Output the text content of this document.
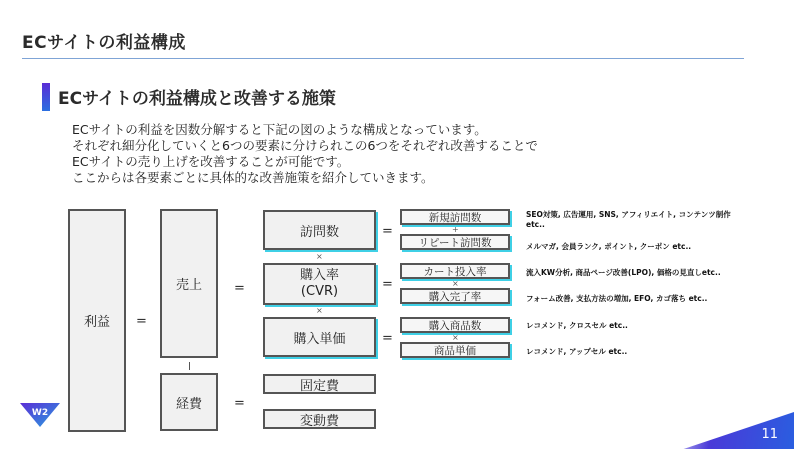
ECサイトの利益構成
ECサイトの利益構成と改善する施策
ECサイトの利益を因数分解すると下記の図のような構成となっています。
それぞれ細分化していくと6つの要素に分けられこの6つをそれぞれ改善することで
ECサイトの売り上げを改善することが可能です。
ここからは各要素ごとに具体的な改善施策を紹介していきます。
利益 =
売上
経費
=
=
訪問数
×
購入率
(CVR)
×
購入単価
固定費
変動費
=
=
=
新規訪問数
+
リピート訪問数
カート投入率
×
購入完了率
購入商品数
×
商品単価
SEO対策, 広告運用, SNS, アフィリエイト, コンテンツ制作
etc..
メルマガ, 会員ランク, ポイント, クーポン etc..
流入KW分析, 商品ページ改善(LPO), 価格の見直しetc..
フォーム改善, 支払方法の増加, EFO, カゴ落ち etc..
レコメンド, クロスセル etc..
レコメンド, アップセル etc..
W2
11
